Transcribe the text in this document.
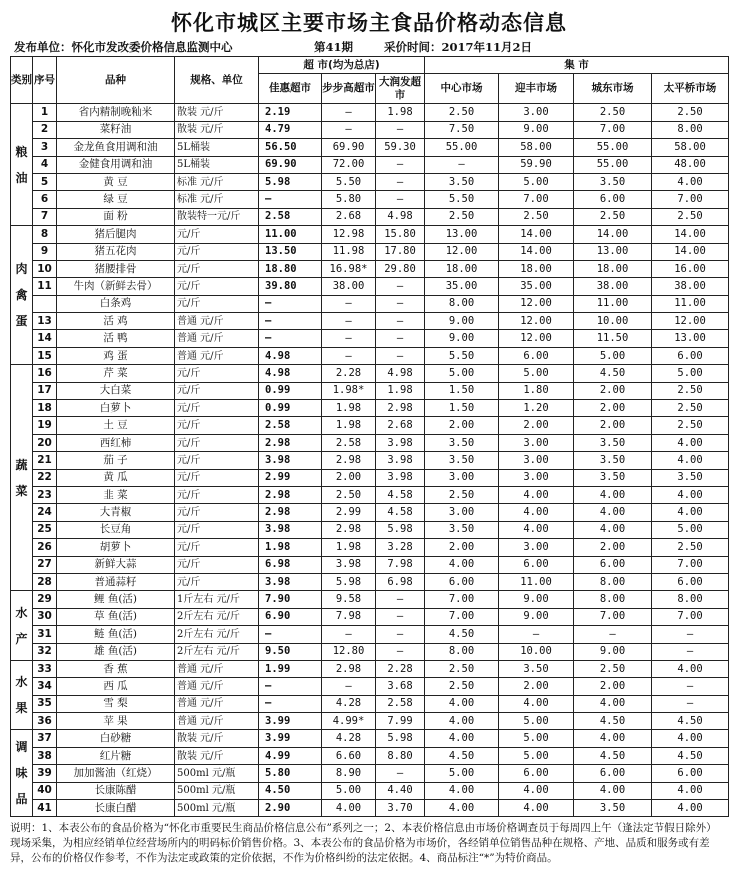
怀化市城区主要市场主食品价格动态信息
发布单位：怀化市发改委价格信息监测中心	第41期	采价时间：2017年11月2日
类别	序号	品种	规格、单位	超 市(均为总店)			集 市			
				佳惠超市	步步高超市	大润发超市	中心市场	迎丰市场	城东市场	太平桥市场
粮油	1	省内精制晚籼米	散装 元/斤	2.19	—	1.98	2.50	3.00	2.50	2.50
	2	菜籽油	散装 元/斤	4.79	—	—	7.50	9.00	7.00	8.00
	3	金龙鱼食用调和油	5L桶装	56.50	69.90	59.30	55.00	58.00	55.00	58.00
	4	金健食用调和油	5L桶装	69.90	72.00	—	—	59.90	55.00	48.00
	5	黄 豆	标准 元/斤	5.98	5.50	—	3.50	5.00	3.50	4.00
	6	绿 豆	标准 元/斤	—	5.80	—	5.50	7.00	6.00	7.00
	7	面 粉	散装特一元/斤	2.58	2.68	4.98	2.50	2.50	2.50	2.50
肉禽蛋	8	猪后腿肉	元/斤	11.00	12.98	15.80	13.00	14.00	14.00	14.00
	9	猪五花肉	元/斤	13.50	11.98	17.80	12.00	14.00	13.00	14.00
	10	猪腰排骨	元/斤	18.80	16.98*	29.80	18.00	18.00	18.00	16.00
	11	牛肉（新鲜去骨）	元/斤	39.80	38.00	—	35.00	35.00	38.00	38.00
		白条鸡	元/斤	—	—	—	8.00	12.00	11.00	11.00
	13	活 鸡	普通 元/斤	—	—	—	9.00	12.00	10.00	12.00
	14	活 鸭	普通 元/斤	—	—	—	9.00	12.00	11.50	13.00
	15	鸡 蛋	普通 元/斤	4.98	—	—	5.50	6.00	5.00	6.00
蔬菜	16	芹 菜	元/斤	4.98	2.28	4.98	5.00	5.00	4.50	5.00
	17	大白菜	元/斤	0.99	1.98*	1.98	1.50	1.80	2.00	2.50
	18	白萝卜	元/斤	0.99	1.98	2.98	1.50	1.20	2.00	2.50
	19	土 豆	元/斤	2.58	1.98	2.68	2.00	2.00	2.00	2.50
	20	西红柿	元/斤	2.98	2.58	3.98	3.50	3.00	3.50	4.00
	21	茄 子	元/斤	3.98	2.98	3.98	3.50	3.00	3.50	4.00
	22	黄 瓜	元/斤	2.99	2.00	3.98	3.00	3.00	3.50	3.50
	23	韭 菜	元/斤	2.98	2.50	4.58	2.50	4.00	4.00	4.00
	24	大青椒	元/斤	2.98	2.99	4.58	3.00	4.00	4.00	4.00
	25	长豆角	元/斤	3.98	2.98	5.98	3.50	4.00	4.00	5.00
	26	胡萝卜	元/斤	1.98	1.98	3.28	2.00	3.00	2.00	2.50
	27	新鲜大蒜	元/斤	6.98	3.98	7.98	4.00	6.00	6.00	7.00
	28	普通蒜籽	元/斤	3.98	5.98	6.98	6.00	11.00	8.00	6.00
水产	29	鲤 鱼(活)	1斤左右 元/斤	7.90	9.58	—	7.00	9.00	8.00	8.00
	30	草 鱼(活)	2斤左右 元/斤	6.90	7.98	—	7.00	9.00	7.00	7.00
	31	鲢 鱼(活)	2斤左右 元/斤	—	—	—	4.50	—	—	—
	32	雄 鱼(活)	2斤左右 元/斤	9.50	12.80	—	8.00	10.00	9.00	—
水果	33	香 蕉	普通 元/斤	1.99	2.98	2.28	2.50	3.50	2.50	4.00
	34	西 瓜	普通 元/斤	—	—	3.68	2.50	2.00	2.00	—
	35	雪 梨	普通 元/斤	—	4.28	2.58	4.00	4.00	4.00	—
	36	苹 果	普通 元/斤	3.99	4.99*	7.99	4.00	5.00	4.50	4.50
调味品	37	白砂糖	散装 元/斤	3.99	4.28	5.98	4.00	5.00	4.00	4.00
	38	红片糖	散装 元/斤	4.99	6.60	8.80	4.50	5.00	4.50	4.50
	39	加加酱油（红烧）	500ml 元/瓶	5.80	8.90	—	5.00	6.00	6.00	6.00
	40	长康陈醋	500ml 元/瓶	4.50	5.00	4.40	4.00	4.00	4.00	4.00
	41	长康白醋	500ml 元/瓶	2.90	4.00	3.70	4.00	4.00	3.50	4.00
说明：1、本表公布的食品价格为“怀化市重要民生商品价格信息公布”系列之一；2、本表价格信息由市场价格调查员于每周四上午（逢法定节假日除外）现场采集，为相应经销单位经营场所内的明码标价销售价格。3、本表公布的食品价格为市场价，各经销单位销售品种在规格、产地、品质和服务或有差异，公布的价格仅作参考，不作为法定或政策的定价依据，不作为价格纠纷的法定依据。4、商品标注“*”为特价商品。
